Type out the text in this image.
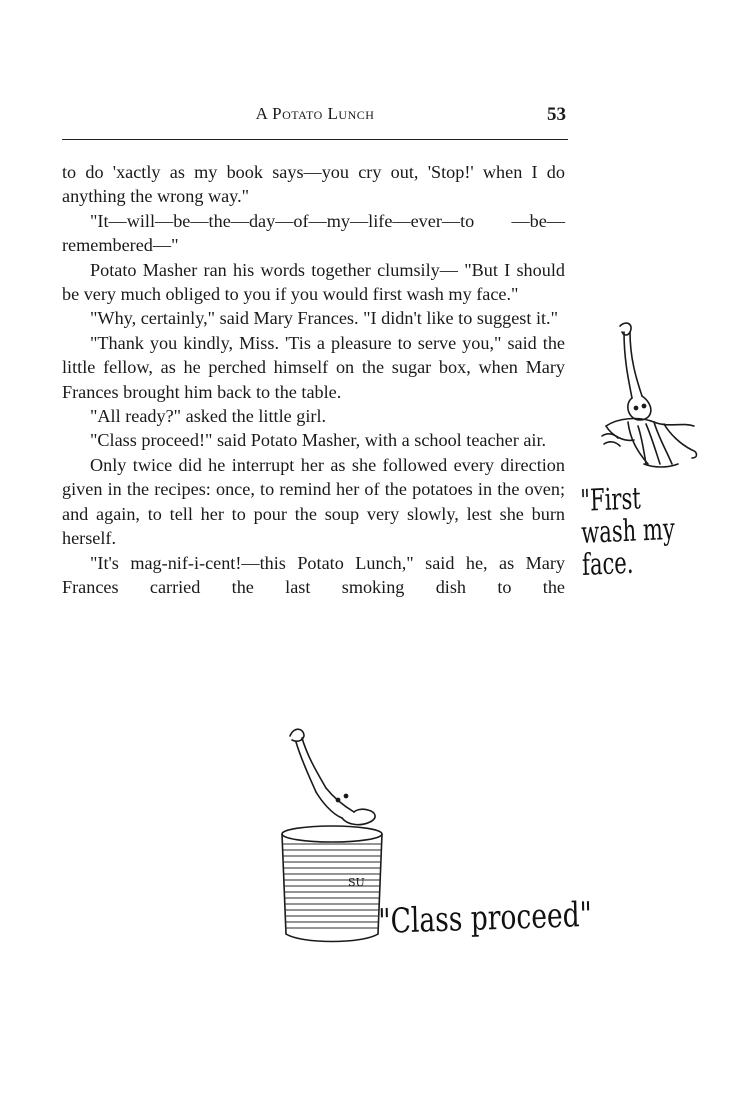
A Potato Lunch	53

to do 'xactly as my book says—you cry out, 'Stop!' when I do anything the wrong way."

"It—will—be—the—day—of—my—life—ever—to —be—remembered—"

Potato Masher ran his words together clumsily— "But I should be very much obliged to you if you would first wash my face."

"Why, certainly," said Mary Frances. "I didn't like to suggest it."

"Thank you kindly, Miss. 'Tis a pleasure to serve you," said the little fellow, as he perched himself on the sugar box, when Mary Frances brought him back to the table.

"All ready?" asked the little girl.

"Class proceed!" said Potato Masher, with a school teacher air.

Only twice did he interrupt her as she followed every direction given in the recipes: once, to remind her of the potatoes in the oven; and again, to tell her to pour the soup very slowly, lest she burn herself.

"It's mag-nif-i-cent!—this Potato Lunch," said he, as Mary Frances carried the last smoking dish to the

"First wash my face.
SU
"Class proceed"
